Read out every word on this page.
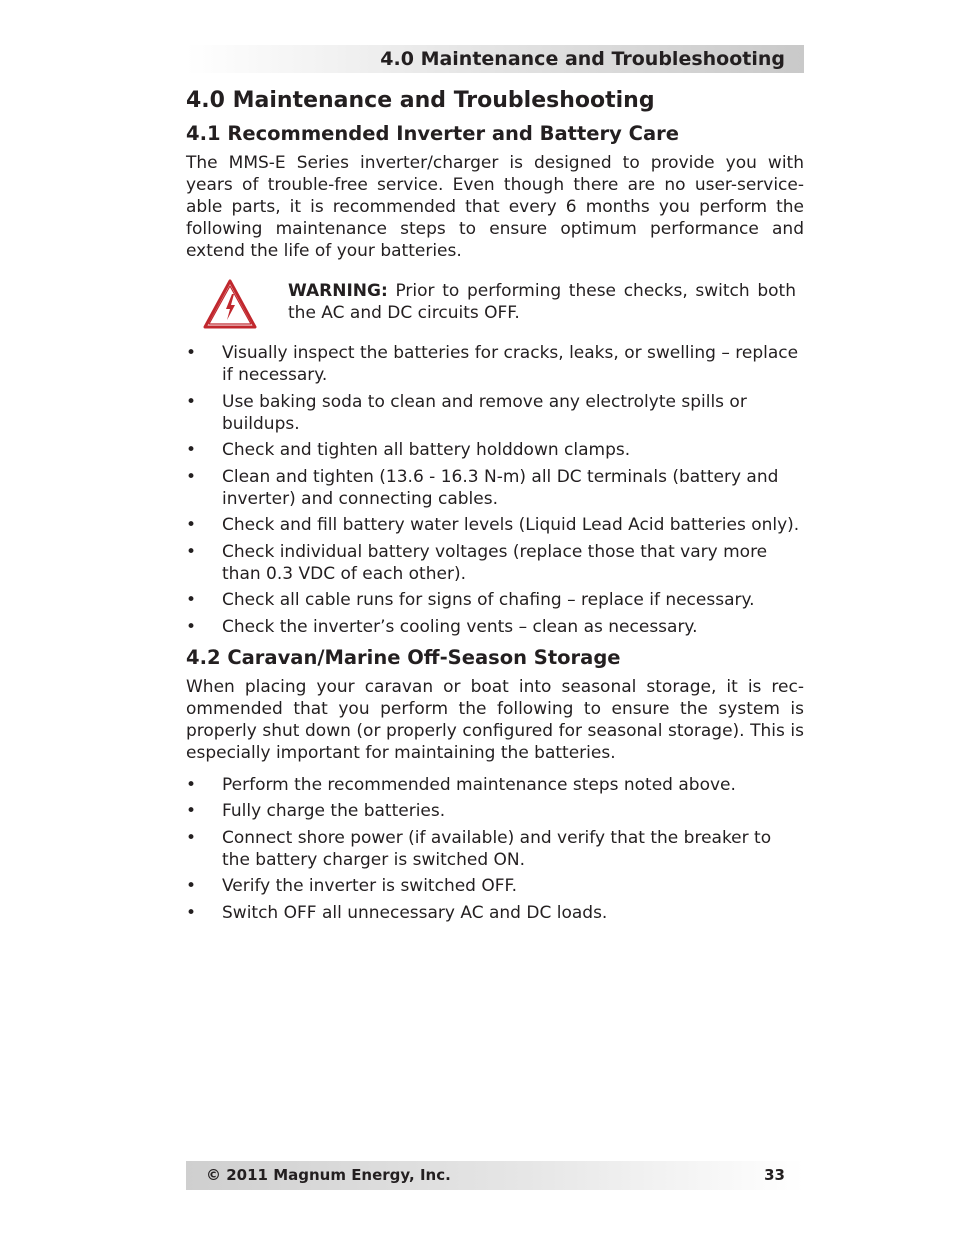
4.0 Maintenance and Troubleshooting
4.0 Maintenance and Troubleshooting
4.1 Recommended Inverter and Battery Care

The MMS-E Series inverter/charger is designed to provide you with years of trouble-free service. Even though there are no user-service-able parts, it is recommended that every 6 months you perform the following maintenance steps to ensure optimum performance and extend the life of your batteries.

WARNING: Prior to performing these checks, switch both the AC and DC circuits OFF.
• Visually inspect the batteries for cracks, leaks, or swelling – replace if necessary.
• Use baking soda to clean and remove any electrolyte spills or buildups.
• Check and tighten all battery holddown clamps.
• Clean and tighten (13.6 - 16.3 N-m) all DC terminals (battery and inverter) and connecting cables.
• Check and fill battery water levels (Liquid Lead Acid batteries only).
• Check individual battery voltages (replace those that vary more than 0.3 VDC of each other).
• Check all cable runs for signs of chafing – replace if necessary.
• Check the inverter’s cooling vents – clean as necessary.
4.2 Caravan/Marine Off-Season Storage

When placing your caravan or boat into seasonal storage, it is rec-ommended that you perform the following to ensure the system is properly shut down (or properly configured for seasonal storage). This is especially important for maintaining the batteries.

• Perform the recommended maintenance steps noted above.
• Fully charge the batteries.
• Connect shore power (if available) and verify that the breaker to the battery charger is switched ON.
• Verify the inverter is switched OFF.
• Switch OFF all unnecessary AC and DC loads.
© 2011 Magnum Energy, Inc.	33
